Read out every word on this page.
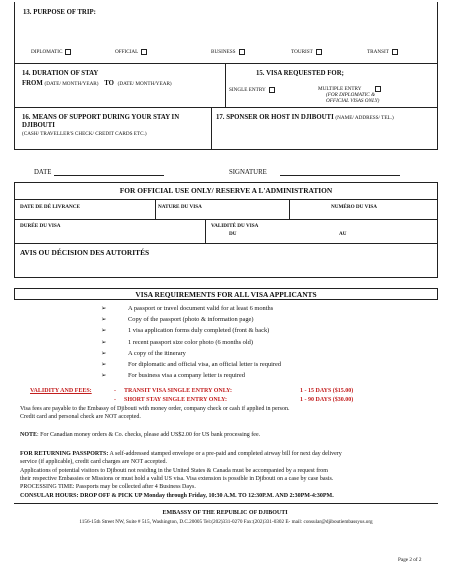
13. PURPOSE OF TRIP:
DIPLOMATIC	OFFICIAL	BUSINESS	TOURIST	TRANSIT
14. DURATION OF STAY
FROM (DATE/ MONTH/YEAR) TO (DATE/ MONTH/YEAR)
15. VISA REQUESTED FOR;
SINGLE ENTRY	MULTIPLE ENTRY
(FOR DIPLOMATIC &
OFFICIAL VISAS ONLY)
16. MEANS OF SUPPORT DURING YOUR STAY IN
DJIBOUTI
(CASH/ TRAVELLER'S CHECK/ CREDIT CARDS ETC.)
17. SPONSER OR HOST IN DJIBOUTI (NAME/ ADDRESS/ TEL.)
DATE	SIGNATURE
FOR OFFICIAL USE ONLY/ RESERVE A L'ADMINISTRATION
DATE DE DÉ LIVRANCE	NATURE DU VISA	NUMÉRO DU VISA
DURÉE DU VISA	VALIDITÉ DU VISA
DU	AU
AVIS OU DÉCISION DES AUTORITÉS
VISA REQUIREMENTS FOR ALL VISA APPLICANTS
➢	A passport or travel document valid for at least 6 months
➢	Copy of the passport (photo & information page)
➢	1 visa application forms duly completed (front & back)
➢	1 recent passport size color photo (6 months old)
➢	A copy of the itinerary
➢	For diplomatic and official visa, an official letter is required
➢	For business visa a company letter is required
VALIDITY AND FEES:	- TRANSIT VISA SINGLE ENTRY ONLY:	1 - 15 DAYS ($15.00)
- SHORT STAY SINGLE ENTRY ONLY:	1 - 90 DAYS ($30.00)
Visa fees are payable to the Embassy of Djibouti with money order, company check or cash if applied in person.
Credit card and personal check are NOT accepted.
NOTE: For Canadian money orders & Co. checks, please add US$2.00 for US bank processing fee.
FOR RETURNING PASSPORTS: A self-addressed stamped envelope or a pre-paid and completed airway bill for next day delivery
service (if applicable), credit card charges are NOT accepted.
Applications of potential visitors to Djibouti not residing in the United States & Canada must be accompanied by a request from
their respective Embassies or Missions or must hold a valid US visa. Visa extension is possible in Djibouti on a case by case basis.
PROCESSING TIME: Passports may be collected after 4 Business Days.
CONSULAR HOURS: DROP OFF & PICK UP Monday through Friday, 10:30 A.M. TO 12:30P.M. AND 2:30PM-4:30PM.
EMBASSY OF THE REPUBLIC OF DJIBOUTI
1156-15th Street NW, Suite # 515, Washington, D.C.20005 Tel:(202)331-0270 Fax:(202)331-0302 E- mail: consular@djiboutiembassyus.org
Page 2 of 2
